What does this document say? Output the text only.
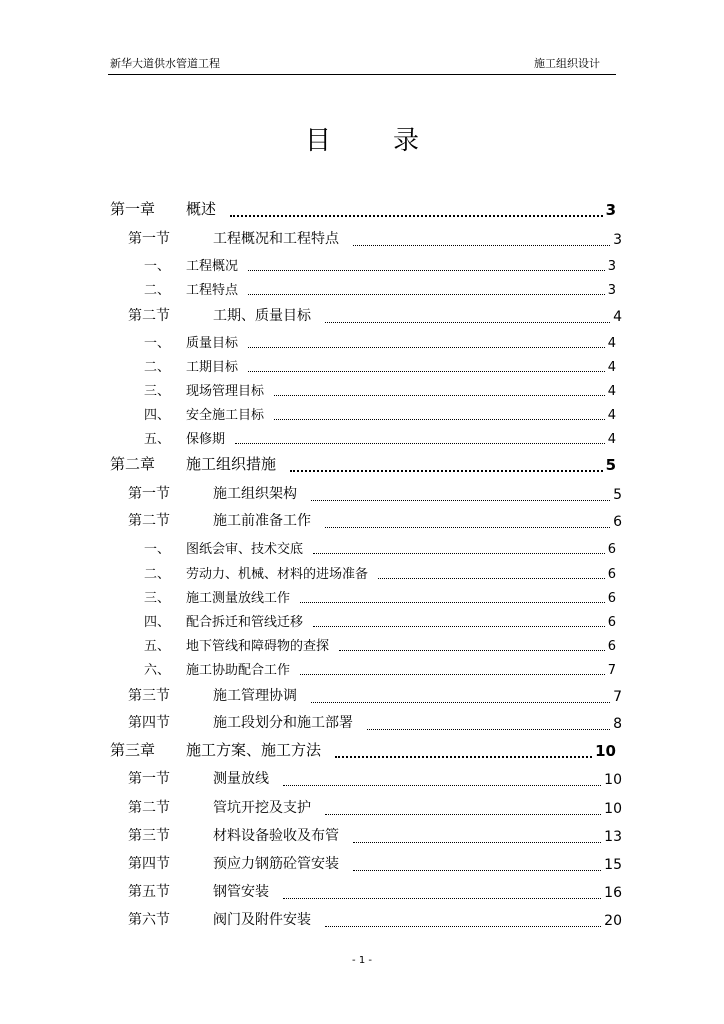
新华大道供水管道工程	施工组织设计
目录
第一章 概述	3
第一节	工程概况和工程特点	3
一、 工程概况	3
二、 工程特点	3
第二节	工期、质量目标	4
一、 质量目标	4
二、 工期目标	4
三、 现场管理目标	4
四、 安全施工目标	4
五、 保修期	4
第二章 施工组织措施	5
第一节	施工组织架构	5
第二节	施工前准备工作	6
一、 图纸会审、技术交底	6
二、 劳动力、机械、材料的进场准备	6
三、 施工测量放线工作	6
四、 配合拆迁和管线迁移	6
五、 地下管线和障碍物的查探	6
六、 施工协助配合工作	7
第三节	施工管理协调	7
第四节	施工段划分和施工部署	8
第三章 施工方案、施工方法	10
第一节	测量放线	10
第二节	管坑开挖及支护	10
第三节	材料设备验收及布管	13
第四节	预应力钢筋砼管安装	15
第五节	钢管安装	16
第六节	阀门及附件安装	20
- 1 -
